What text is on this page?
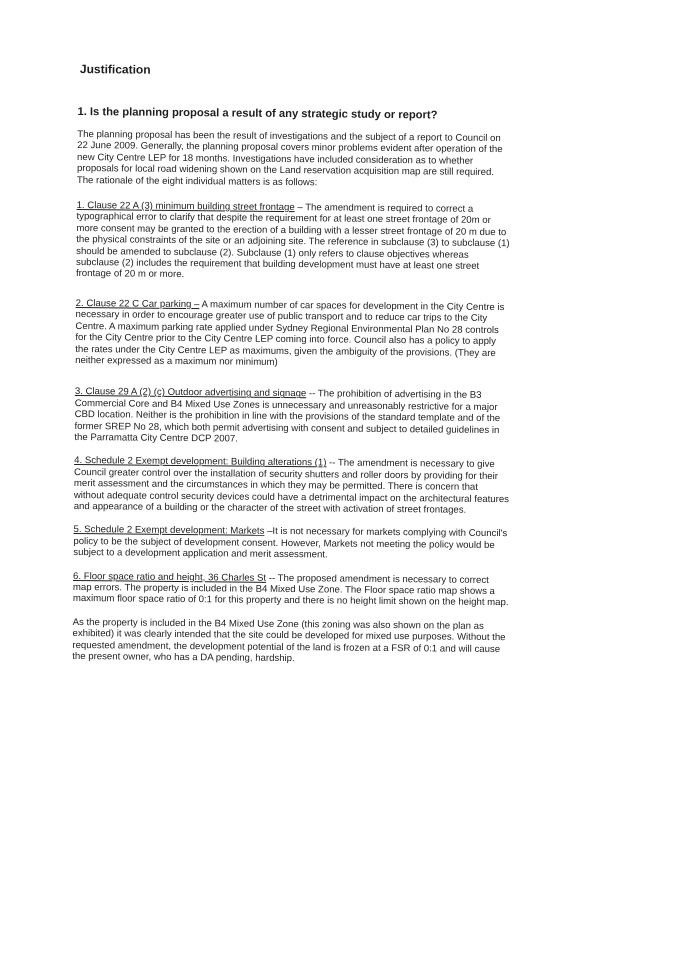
Justification
1. Is the planning proposal a result of any strategic study or report?

The planning proposal has been the result of investigations and the subject of a report to Council on 22 June 2009. Generally, the planning proposal covers minor problems evident after operation of the new City Centre LEP for 18 months. Investigations have included consideration as to whether proposals for local road widening shown on the Land reservation acquisition map are still required. The rationale of the eight individual matters is as follows:

1. Clause 22 A (3) minimum building street frontage – The amendment is required to correct a typographical error to clarify that despite the requirement for at least one street frontage of 20m or more consent may be granted to the erection of a building with a lesser street frontage of 20 m due to the physical constraints of the site or an adjoining site. The reference in subclause (3) to subclause (1) should be amended to subclause (2). Subclause (1) only refers to clause objectives whereas subclause (2) includes the requirement that building development must have at least one street frontage of 20 m or more.

2. Clause 22 C Car parking – A maximum number of car spaces for development in the City Centre is necessary in order to encourage greater use of public transport and to reduce car trips to the City Centre. A maximum parking rate applied under Sydney Regional Environmental Plan No 28 controls for the City Centre prior to the City Centre LEP coming into force. Council also has a policy to apply the rates under the City Centre LEP as maximums, given the ambiguity of the provisions. (They are neither expressed as a maximum nor minimum)

3. Clause 29 A (2) (c) Outdoor advertising and signage -- The prohibition of advertising in the B3 Commercial Core and B4 Mixed Use Zones is unnecessary and unreasonably restrictive for a major CBD location. Neither is the prohibition in line with the provisions of the standard template and of the former SREP No 28, which both permit advertising with consent and subject to detailed guidelines in the Parramatta City Centre DCP 2007.

4. Schedule 2 Exempt development: Building alterations (1) -- The amendment is necessary to give Council greater control over the installation of security shutters and roller doors by providing for their merit assessment and the circumstances in which they may be permitted. There is concern that without adequate control security devices could have a detrimental impact on the architectural features and appearance of a building or the character of the street with activation of street frontages.

5. Schedule 2 Exempt development: Markets –It is not necessary for markets complying with Council's policy to be the subject of development consent. However, Markets not meeting the policy would be subject to a development application and merit assessment.

6. Floor space ratio and height, 36 Charles St -- The proposed amendment is necessary to correct map errors. The property is included in the B4 Mixed Use Zone. The Floor space ratio map shows a maximum floor space ratio of 0:1 for this property and there is no height limit shown on the height map.

As the property is included in the B4 Mixed Use Zone (this zoning was also shown on the plan as exhibited) it was clearly intended that the site could be developed for mixed use purposes. Without the requested amendment, the development potential of the land is frozen at a FSR of 0:1 and will cause the present owner, who has a DA pending, hardship.
